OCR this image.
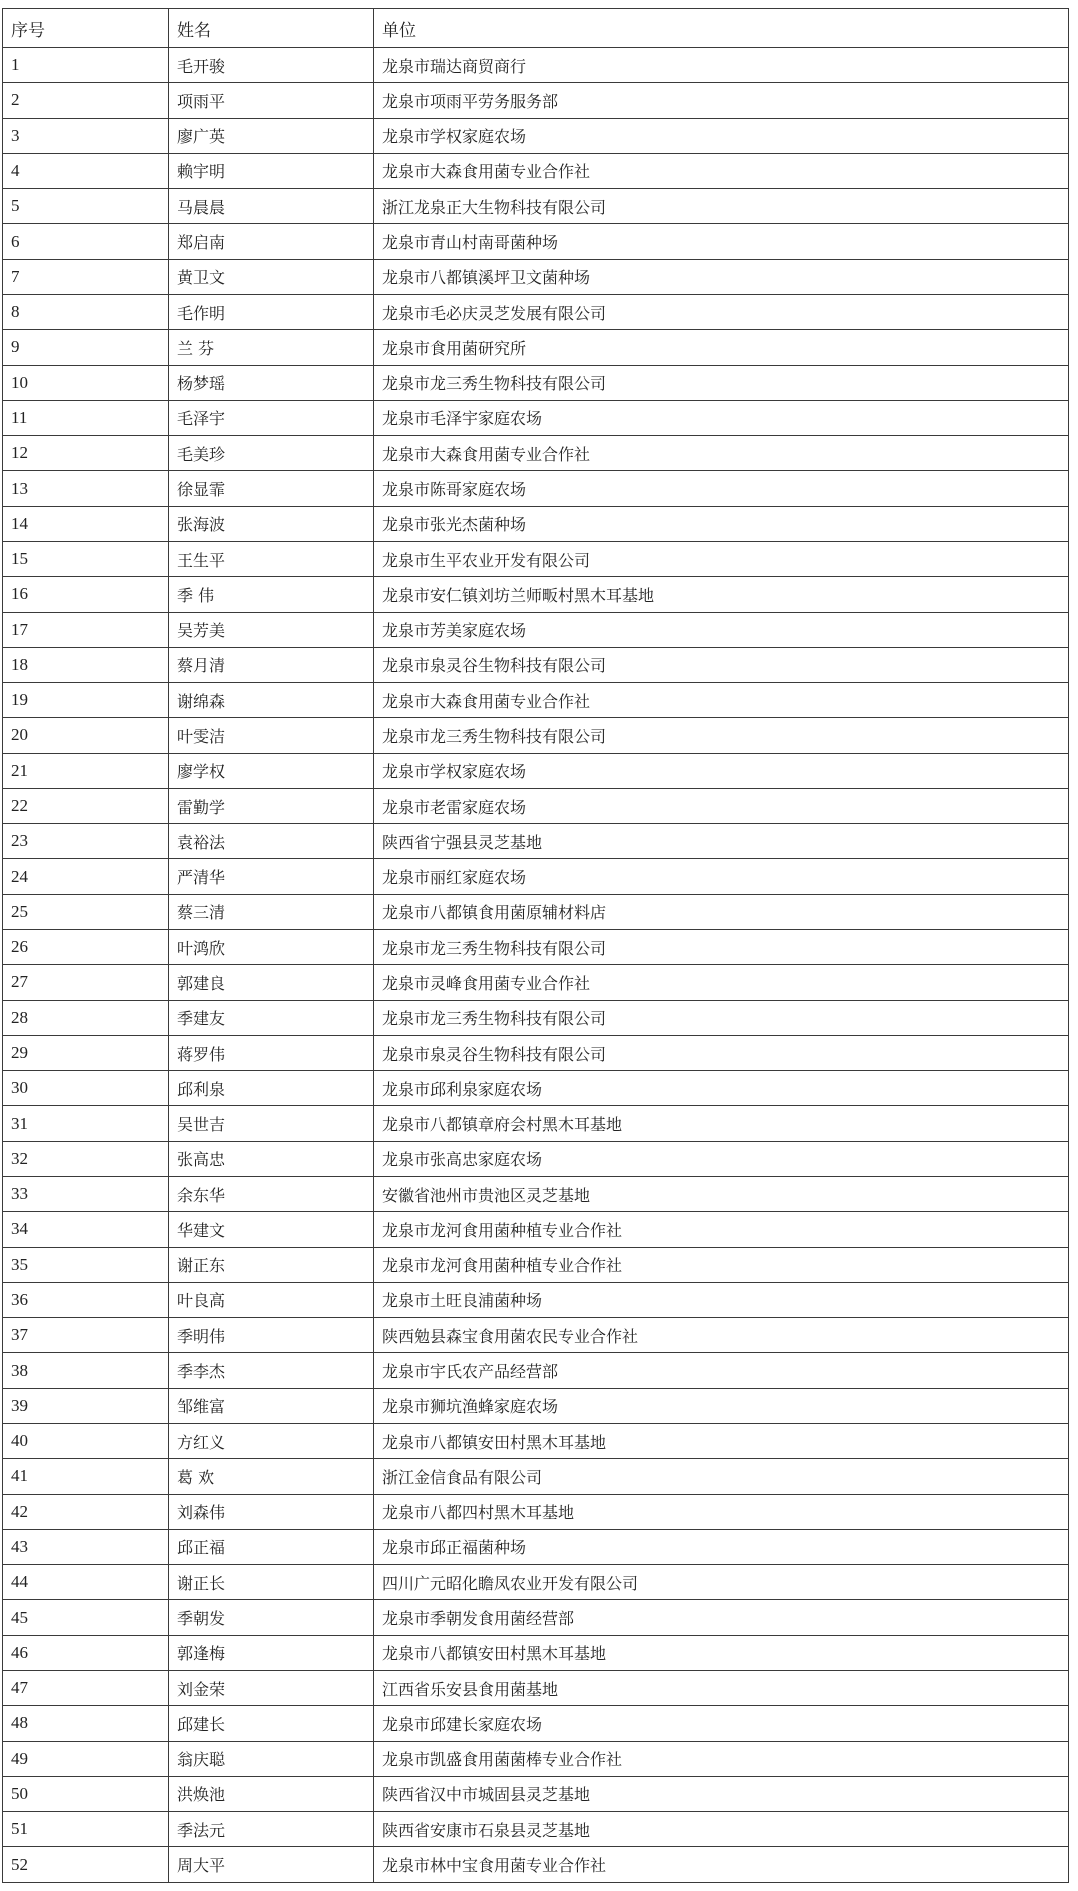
序号	姓名	单位
1	毛开骏	龙泉市瑞达商贸商行
2	项雨平	龙泉市项雨平劳务服务部
3	廖广英	龙泉市学权家庭农场
4	赖宇明	龙泉市大森食用菌专业合作社
5	马晨晨	浙江龙泉正大生物科技有限公司
6	郑启南	龙泉市青山村南哥菌种场
7	黄卫文	龙泉市八都镇溪坪卫文菌种场
8	毛作明	龙泉市毛必庆灵芝发展有限公司
9	兰 芬	龙泉市食用菌研究所
10	杨梦瑶	龙泉市龙三秀生物科技有限公司
11	毛泽宇	龙泉市毛泽宇家庭农场
12	毛美珍	龙泉市大森食用菌专业合作社
13	徐显霏	龙泉市陈哥家庭农场
14	张海波	龙泉市张光杰菌种场
15	王生平	龙泉市生平农业开发有限公司
16	季 伟	龙泉市安仁镇刘坊兰师畈村黑木耳基地
17	吴芳美	龙泉市芳美家庭农场
18	蔡月清	龙泉市泉灵谷生物科技有限公司
19	谢绵森	龙泉市大森食用菌专业合作社
20	叶雯洁	龙泉市龙三秀生物科技有限公司
21	廖学权	龙泉市学权家庭农场
22	雷勤学	龙泉市老雷家庭农场
23	袁裕法	陕西省宁强县灵芝基地
24	严清华	龙泉市丽红家庭农场
25	蔡三清	龙泉市八都镇食用菌原辅材料店
26	叶鸿欣	龙泉市龙三秀生物科技有限公司
27	郭建良	龙泉市灵峰食用菌专业合作社
28	季建友	龙泉市龙三秀生物科技有限公司
29	蒋罗伟	龙泉市泉灵谷生物科技有限公司
30	邱利泉	龙泉市邱利泉家庭农场
31	吴世吉	龙泉市八都镇章府会村黑木耳基地
32	张高忠	龙泉市张高忠家庭农场
33	余东华	安徽省池州市贵池区灵芝基地
34	华建文	龙泉市龙河食用菌种植专业合作社
35	谢正东	龙泉市龙河食用菌种植专业合作社
36	叶良高	龙泉市土旺良浦菌种场
37	季明伟	陕西勉县森宝食用菌农民专业合作社
38	季李杰	龙泉市宇氏农产品经营部
39	邹维富	龙泉市狮坑渔蜂家庭农场
40	方红义	龙泉市八都镇安田村黑木耳基地
41	葛 欢	浙江金信食品有限公司
42	刘森伟	龙泉市八都四村黑木耳基地
43	邱正福	龙泉市邱正福菌种场
44	谢正长	四川广元昭化瞻凤农业开发有限公司
45	季朝发	龙泉市季朝发食用菌经营部
46	郭逢梅	龙泉市八都镇安田村黑木耳基地
47	刘金荣	江西省乐安县食用菌基地
48	邱建长	龙泉市邱建长家庭农场
49	翁庆聪	龙泉市凯盛食用菌菌棒专业合作社
50	洪焕池	陕西省汉中市城固县灵芝基地
51	季法元	陕西省安康市石泉县灵芝基地
52	周大平	龙泉市林中宝食用菌专业合作社
